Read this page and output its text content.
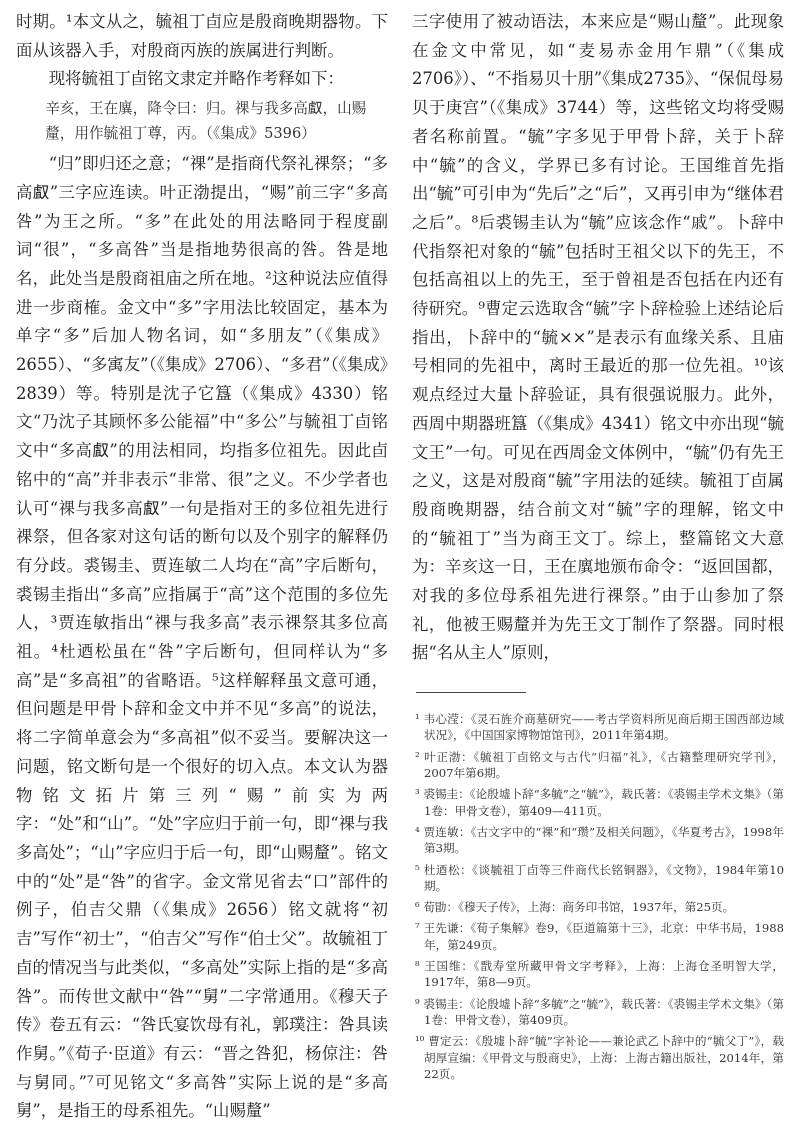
时期。¹本文从之，毓祖丁卣应是殷商晚期器物。下面从该器入手，对殷商丙族的族属进行判断。

现将毓祖丁卣铭文隶定并略作考释如下：

辛亥，王在廙，降令曰：归。祼与我多高𠭯，山赐釐，用作毓祖丁尊，丙。（《集成》5396）

“归”即归还之意；“祼”是指商代祭礼祼祭；“多高𠭯”三字应连读。叶正渤提出，“赐”前三字“多高咎”为王之所。“多”在此处的用法略同于程度副词“很”，“多高咎”当是指地势很高的咎。咎是地名，此处当是殷商祖庙之所在地。²这种说法应值得进一步商榷。金文中“多”字用法比较固定，基本为单字“多”后加人物名词，如“多朋友”（《集成》2655）、“多㝢友”（《集成》2706）、“多君”（《集成》2839）等。特别是沈子它簋（《集成》4330）铭文“乃沈子其顾怀多公能福”中“多公”与毓祖丁卣铭文中“多高𠭯”的用法相同，均指多位祖先。因此卣铭中的“高”并非表示“非常、很”之义。不少学者也认可“祼与我多高𠭯”一句是指对王的多位祖先进行祼祭，但各家对这句话的断句以及个别字的解释仍有分歧。裘锡圭、贾连敏二人均在“高”字后断句，裘锡圭指出“多高”应指属于“高”这个范围的多位先人，³贾连敏指出“祼与我多高”表示祼祭其多位高祖。⁴杜迺松虽在“咎”字后断句，但同样认为“多高”是“多高祖”的省略语。⁵这样解释虽文意可通，但问题是甲骨卜辞和金文中并不见“多高”的说法，将二字简单意会为“多高祖”似不妥当。要解决这一问题，铭文断句是一个很好的切入点。本文认为器物铭文拓片第三列“赐”前实为两字：“处”和“山”。“处”字应归于前一句，即“祼与我多高处”；“山”字应归于后一句，即“山赐釐”。铭文中的“处”是“咎”的省字。金文常见省去“口”部件的例子，伯吉父鼎（《集成》2656）铭文就将“初吉”写作“初士”，“伯吉父”写作“伯士父”。故毓祖丁卣的情况当与此类似，“多高处”实际上指的是“多高咎”。而传世文献中“咎”“舅”二字常通用。《穆天子传》卷五有云：“咎氏宴饮母有礼，郭璞注：咎具读作舅。”《荀子·臣道》有云：“晋之咎犯，杨倞注：咎与舅同。”⁷可见铭文“多高咎”实际上说的是“多高舅”，是指王的母系祖先。“山赐釐”

三字使用了被动语法，本来应是“赐山釐”。此现象在金文中常见，如“麦易赤金用乍鼎”（《集成2706》）、“不指易贝十朋”《集成2735》、“保侃母易贝于庚宫”（《集成》3744）等，这些铭文均将受赐者名称前置。“毓”字多见于甲骨卜辞，关于卜辞中“毓”的含义，学界已多有讨论。王国维首先指出“毓”可引申为“先后”之“后”，又再引申为“继体君之后”。⁸后裘锡圭认为“毓”应该念作“戚”。卜辞中代指祭祀对象的“毓”包括时王祖父以下的先王，不包括高祖以上的先王，至于曾祖是否包括在内还有待研究。⁹曹定云选取含“毓”字卜辞检验上述结论后指出，卜辞中的“毓××”是表示有血缘关系、且庙号相同的先祖中，离时王最近的那一位先祖。¹⁰该观点经过大量卜辞验证，具有很强说服力。此外，西周中期器班簋（《集成》4341）铭文中亦出现“毓文王”一句。可见在西周金文体例中，“毓”仍有先王之义，这是对殷商“毓”字用法的延续。毓祖丁卣属殷商晚期器，结合前文对“毓”字的理解，铭文中的“毓祖丁”当为商王文丁。综上，整篇铭文大意为：辛亥这一日，王在廙地颁布命令：“返回国都，对我的多位母系祖先进行祼祭。”由于山参加了祭礼，他被王赐釐并为先王文丁制作了祭器。同时根据“名从主人”原则，

¹ 韦心滢：《灵石旌介商墓研究——考古学资料所见商后期王国西部边域状况》，《中国国家博物馆馆刊》，2011年第4期。

² 叶正渤：《毓祖丁卣铭文与古代“归福”礼》，《古籍整理研究学刊》，2007年第6期。

³ 裘锡圭：《论殷墟卜辞“多毓”之“毓”》，载氏著：《裘锡圭学术文集》（第1卷：甲骨文卷），第409—411页。

⁴ 贾连敏：《古文字中的“祼”和“瓒”及相关问题》，《华夏考古》，1998年第3期。

⁵ 杜迺松：《谈毓祖丁卣等三件商代长铭铜器》，《文物》，1984年第10期。

⁶ 荀勖：《穆天子传》，上海：商务印书馆，1937年，第25页。

⁷ 王先谦：《荀子集解》卷9，《臣道篇第十三》，北京：中华书局，1988年，第249页。

⁸ 王国维：《戬寿堂所藏甲骨文字考释》，上海：上海仓圣明智大学，1917年，第8—9页。

⁹ 裘锡圭：《论殷墟卜辞“多毓”之“毓”》，载氏著：《裘锡圭学术文集》（第1卷：甲骨文卷），第409页。

¹⁰ 曹定云：《殷墟卜辞“毓”字补论——兼论武乙卜辞中的“毓父丁”》，载胡厚宣编：《甲骨文与殷商史》，上海：上海古籍出版社，2014年，第22页。
